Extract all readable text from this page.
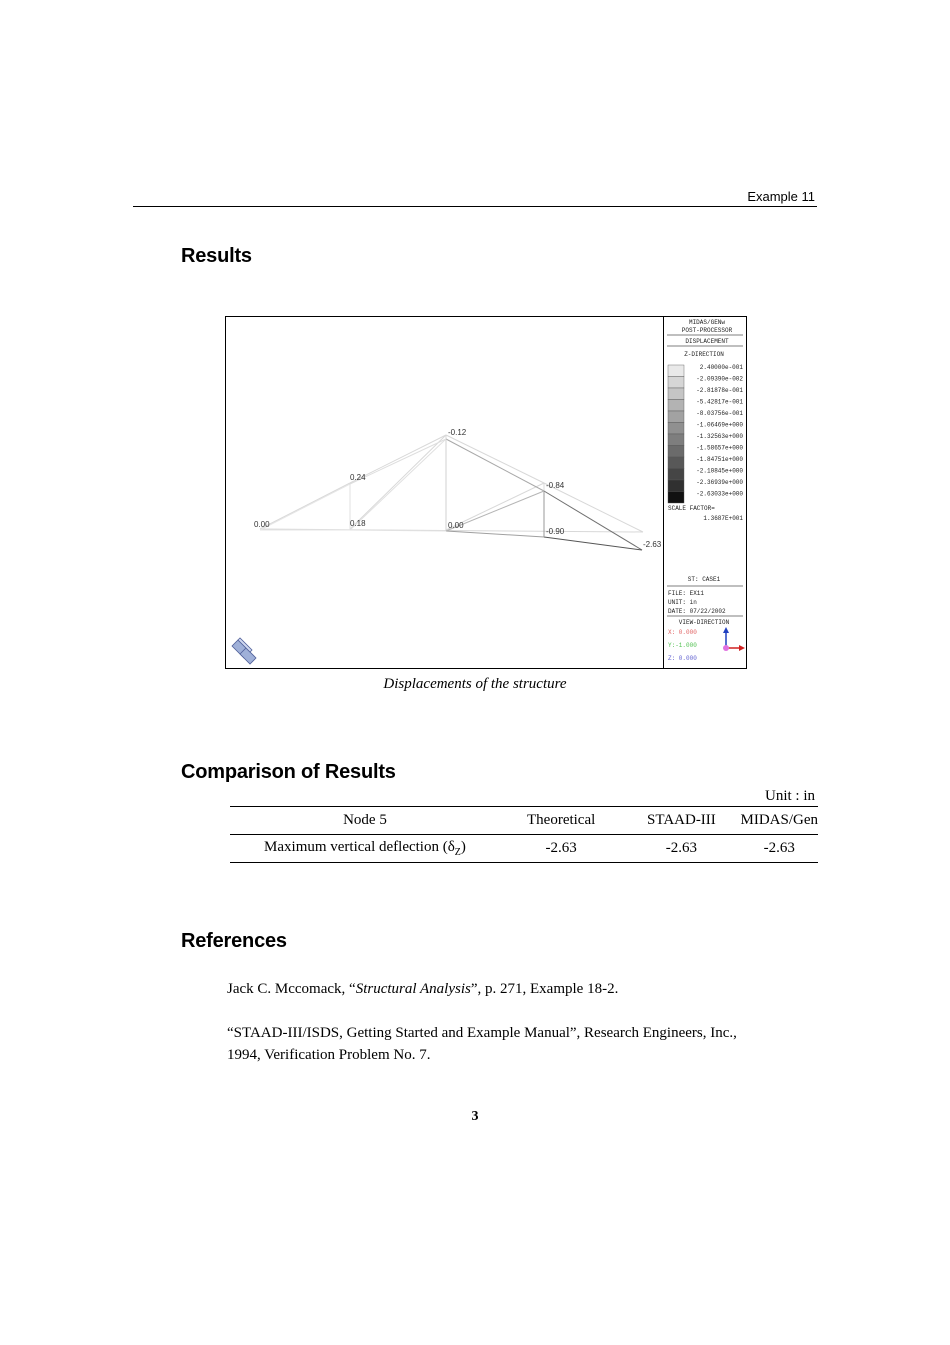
Example 11
Results
0.00
0.24
0.18
-0.12
0.00
-0.84
-0.90
-2.63
MIDAS/GENw
POST-PROCESSOR
DISPLACEMENT
Z-DIRECTION
2.40000e-001
-2.09390e-002
-2.81878e-001
-5.42817e-001
-8.03756e-001
-1.06469e+000
-1.32563e+000
-1.58657e+000
-1.84751e+000
-2.10845e+000
-2.36939e+000
-2.63033e+000
SCALE FACTOR=
1.3687E+001
ST: CASE1
FILE: EX11
UNIT: in
DATE: 07/22/2002
VIEW-DIRECTION
X: 0.000
Y:-1.000
Z: 0.000
Displacements of the structure
Comparison of Results
Unit : in
Node 5	Theoretical	STAAD-III	MIDAS/Gen
Maximum vertical deflection $(\delta_Z)$	-2.63	-2.63	-2.63
References
Jack C. Mccomack, “Structural Analysis”, p. 271, Example 18-2.
“STAAD-III/ISDS, Getting Started and Example Manual”, Research Engineers, Inc.,
1994, Verification Problem No. 7.
3
